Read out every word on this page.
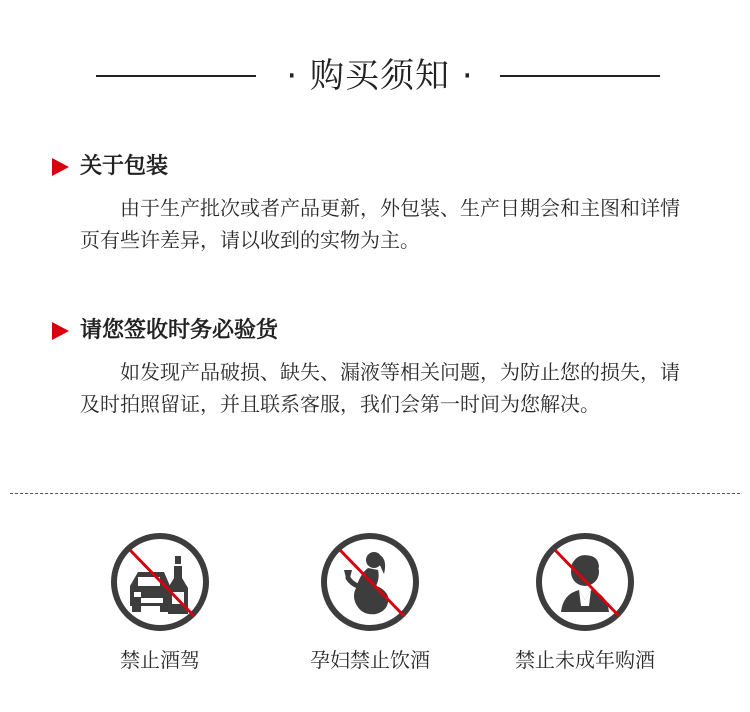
· 购买须知 ·
关于包装
由于生产批次或者产品更新，外包装、生产日期会和主图和详情页有些许差异，请以收到的实物为主。
请您签收时务必验货
如发现产品破损、缺失、漏液等相关问题，为防止您的损失，请及时拍照留证，并且联系客服，我们会第一时间为您解决。
禁止酒驾	孕妇禁止饮酒	禁止未成年购酒
